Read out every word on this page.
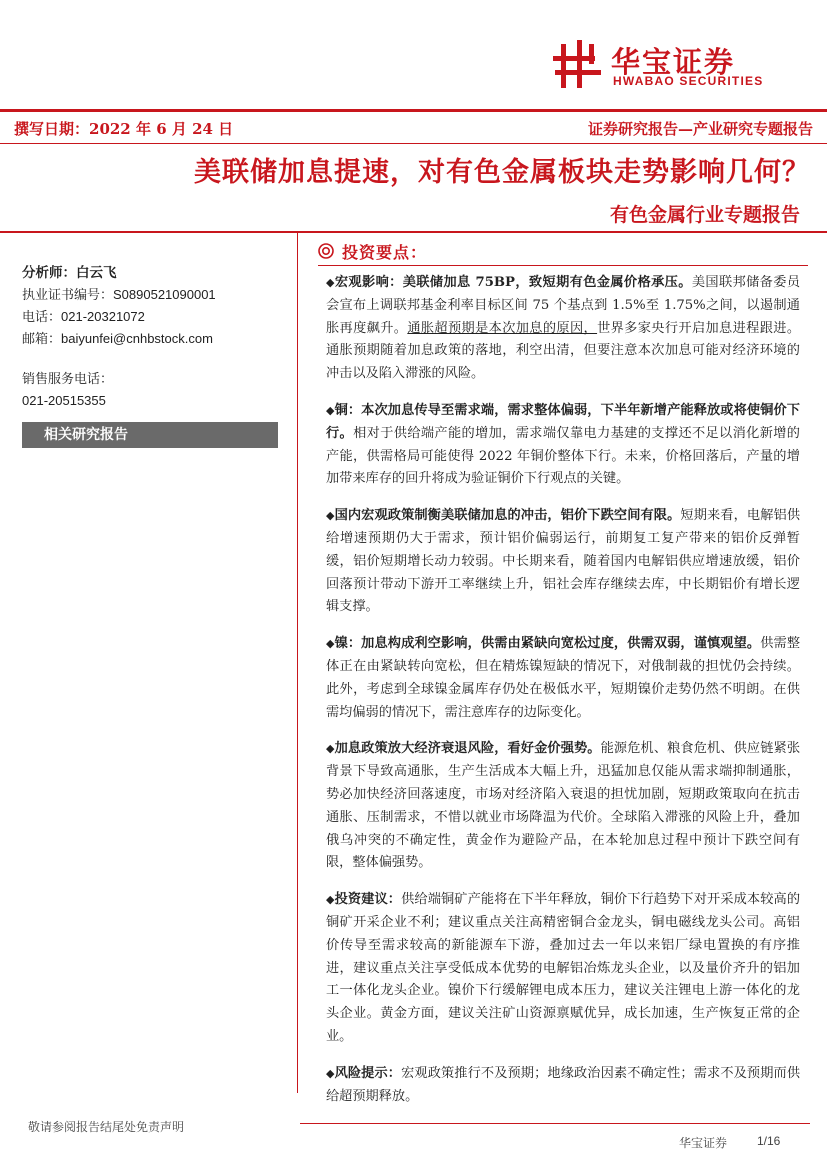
华宝证券
HWABAO SECURITIES
撰写日期：2022 年 6 月 24 日	证券研究报告—产业研究专题报告
美联储加息提速，对有色金属板块走势影响几何？
有色金属行业专题报告
分析师：白云飞
执业证书编号：S0890521090001
电话：021-20321072
邮箱：baiyunfei@cnhbstock.com
销售服务电话：
021-20515355
相关研究报告
投资要点：

◆宏观影响：美联储加息 75BP，致短期有色金属价格承压。美国联邦储备委员会宣布上调联邦基金利率目标区间 75 个基点到 1.5%至 1.75%之间，以遏制通胀再度飙升。通胀超预期是本次加息的原因，世界多家央行开启加息进程跟进。通胀预期随着加息政策的落地，利空出清，但要注意本次加息可能对经济环境的冲击以及陷入滞涨的风险。

◆铜：本次加息传导至需求端，需求整体偏弱，下半年新增产能释放或将使铜价下行。相对于供给端产能的增加，需求端仅靠电力基建的支撑还不足以消化新增的产能，供需格局可能使得 2022 年铜价整体下行。未来，价格回落后，产量的增加带来库存的回升将成为验证铜价下行观点的关键。

◆国内宏观政策制衡美联储加息的冲击，铝价下跌空间有限。短期来看，电解铝供给增速预期仍大于需求，预计铝价偏弱运行，前期复工复产带来的铝价反弹暂缓，铝价短期增长动力较弱。中长期来看，随着国内电解铝供应增速放缓，铝价回落预计带动下游开工率继续上升，铝社会库存继续去库，中长期铝价有增长逻辑支撑。

◆镍：加息构成利空影响，供需由紧缺向宽松过度，供需双弱，谨慎观望。供需整体正在由紧缺转向宽松，但在精炼镍短缺的情况下，对俄制裁的担忧仍会持续。此外，考虑到全球镍金属库存仍处在极低水平，短期镍价走势仍然不明朗。在供需均偏弱的情况下，需注意库存的边际变化。

◆加息政策放大经济衰退风险，看好金价强势。能源危机、粮食危机、供应链紧张背景下导致高通胀，生产生活成本大幅上升，迅猛加息仅能从需求端抑制通胀，势必加快经济回落速度，市场对经济陷入衰退的担忧加剧，短期政策取向在抗击通胀、压制需求，不惜以就业市场降温为代价。全球陷入滞涨的风险上升，叠加俄乌冲突的不确定性，黄金作为避险产品，在本轮加息过程中预计下跌空间有限，整体偏强势。

◆投资建议：供给端铜矿产能将在下半年释放，铜价下行趋势下对开采成本较高的铜矿开采企业不利；建议重点关注高精密铜合金龙头，铜电磁线龙头公司。高铝价传导至需求较高的新能源车下游，叠加过去一年以来铝厂绿电置换的有序推进，建议重点关注享受低成本优势的电解铝冶炼龙头企业，以及量价齐升的铝加工一体化龙头企业。镍价下行缓解锂电成本压力，建议关注锂电上游一体化的龙头企业。黄金方面，建议关注矿山资源禀赋优异，成长加速，生产恢复正常的企业。

◆风险提示：宏观政策推行不及预期；地缘政治因素不确定性；需求不及预期而供给超预期释放。

敬请参阅报告结尾处免责声明
华宝证券 1/16
